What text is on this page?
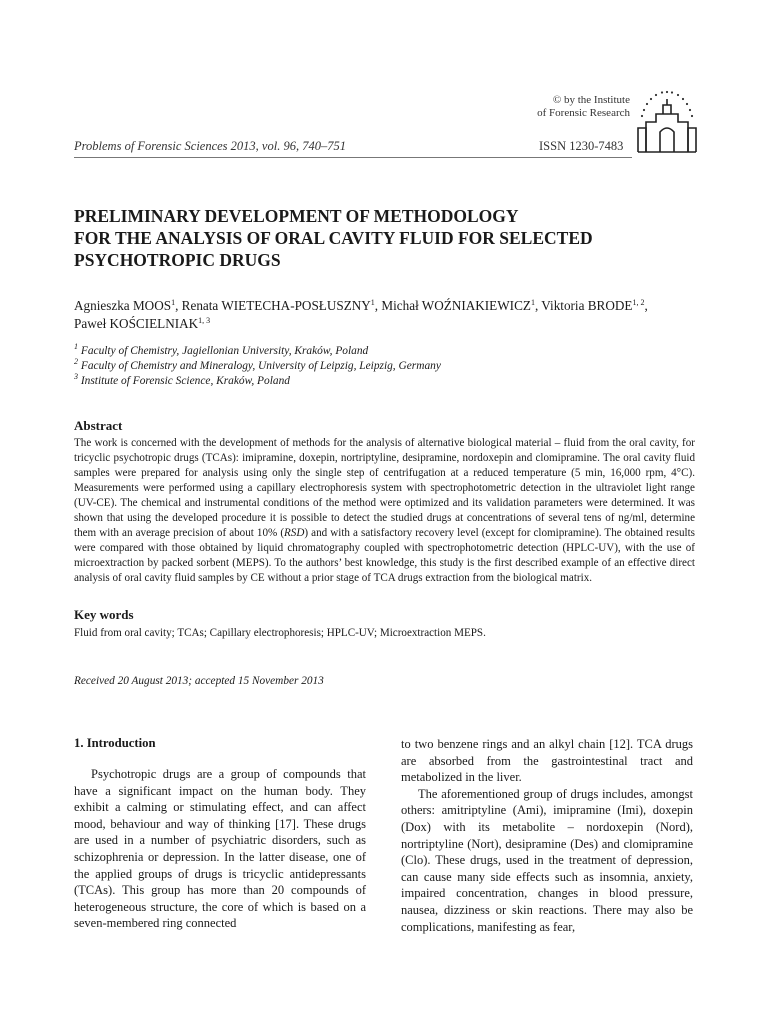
© by the Institute
of Forensic Research
Problems of Forensic Sciences 2013, vol. 96, 740–751	ISSN 1230-7483
PRELIMINARY DEVELOPMENT OF METHODOLOGY
FOR THE ANALYSIS OF ORAL CAVITY FLUID FOR SELECTED
PSYCHOTROPIC DRUGS
Agnieszka MOOS$^1$, Renata WIETECHA-POSŁUSZNY$^1$, Michał WOŹNIAKIEWICZ$^1$, Viktoria BRODE$^{1, 2}$,
Paweł KOŚCIELNIAK$^{1, 3}$
$^1$ Faculty of Chemistry, Jagiellonian University, Kraków, Poland
$^2$ Faculty of Chemistry and Mineralogy, University of Leipzig, Leipzig, Germany
$^3$ Institute of Forensic Science, Kraków, Poland
Abstract
The work is concerned with the development of methods for the analysis of alternative biological material – fluid from the oral cavity, for tricyclic psychotropic drugs (TCAs): imipramine, doxepin, nortriptyline, desipramine, nordoxepin and clomipramine. The oral cavity fluid samples were prepared for analysis using only the single step of centrifugation at a reduced temperature (5 min, 16,000 rpm, 4°C). Measurements were performed using a capillary electrophoresis system with spectrophotometric detection in the ultraviolet light range (UV-CE). The chemical and instrumental conditions of the method were optimized and its validation parameters were determined. It was shown that using the developed procedure it is possible to detect the studied drugs at concentrations of several tens of ng/ml, determine them with an average precision of about 10% (RSD) and with a satisfactory recovery level (except for clomipramine). The obtained results were compared with those obtained by liquid chromatography coupled with spectrophotometric detection (HPLC-UV), with the use of microextraction by packed sorbent (MEPS). To the authors’ best knowledge, this study is the first described example of an effective direct analysis of oral cavity fluid samples by CE without a prior stage of TCA drugs extraction from the biological matrix.
Key words
Fluid from oral cavity; TCAs; Capillary electrophoresis; HPLC-UV; Microextraction MEPS.
Received 20 August 2013; accepted 15 November 2013
1. Introduction

Psychotropic drugs are a group of compounds that have a significant impact on the human body. They exhibit a calming or stimulating effect, and can affect mood, behaviour and way of thinking [17]. These drugs are used in a number of psychiatric disorders, such as schizophrenia or depression. In the latter disease, one of the applied groups of drugs is tricyclic antidepressants (TCAs). This group has more than 20 compounds of heterogeneous structure, the core of which is based on a seven-membered ring connected

to two benzene rings and an alkyl chain [12]. TCA drugs are absorbed from the gastrointestinal tract and metabolized in the liver.

The aforementioned group of drugs includes, amongst others: amitriptyline (Ami), imipramine (Imi), doxepin (Dox) with its metabolite – nordoxepin (Nord), nortriptyline (Nort), desipramine (Des) and clomipramine (Clo). These drugs, used in the treatment of depression, can cause many side effects such as insomnia, anxiety, impaired concentration, changes in blood pressure, nausea, dizziness or skin reactions. There may also be complications, manifesting as fear,
